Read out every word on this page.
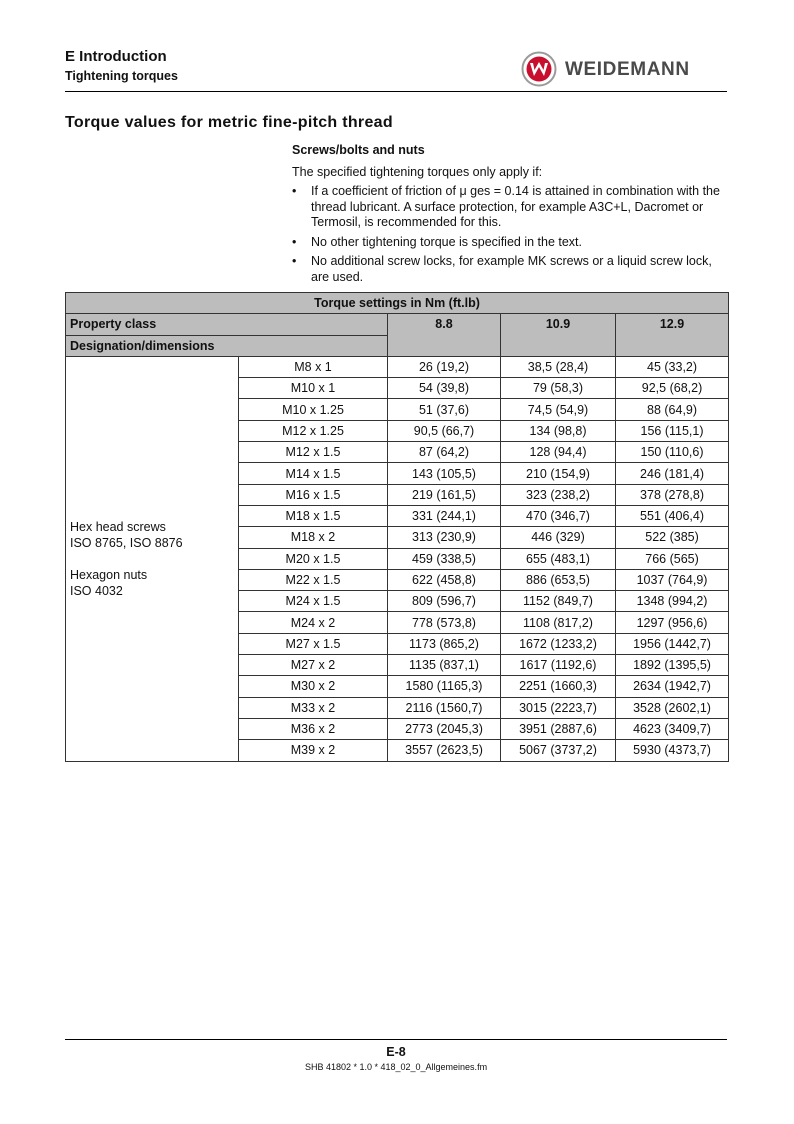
E Introduction
Tightening torques	WEIDEMANN
Torque values for metric fine-pitch thread
Screws/bolts and nuts
The specified tightening torques only apply if:
• If a coefficient of friction of μ ges = 0.14 is attained in combination with the thread lubricant. A surface protection, for example A3C+L, Dacromet or Termosil, is recommended for this.
• No other tightening torque is specified in the text.
• No additional screw locks, for example MK screws or a liquid screw lock, are used.
Torque settings in Nm (ft.lb)				
Property class		8.8	10.9	12.9
Designation/dimensions				

Hex head screws
ISO 8765, ISO 8876

Hexagon nuts
ISO 4032	M8 x 1	26 (19,2)	38,5 (28,4)	45 (33,2)
	M10 x 1	54 (39,8)	79 (58,3)	92,5 (68,2)
	M10 x 1.25	51 (37,6)	74,5 (54,9)	88 (64,9)
	M12 x 1.25	90,5 (66,7)	134 (98,8)	156 (115,1)
	M12 x 1.5	87 (64,2)	128 (94,4)	150 (110,6)
	M14 x 1.5	143 (105,5)	210 (154,9)	246 (181,4)
	M16 x 1.5	219 (161,5)	323 (238,2)	378 (278,8)
	M18 x 1.5	331 (244,1)	470 (346,7)	551 (406,4)
	M18 x 2	313 (230,9)	446 (329)	522 (385)
	M20 x 1.5	459 (338,5)	655 (483,1)	766 (565)
	M22 x 1.5	622 (458,8)	886 (653,5)	1037 (764,9)
	M24 x 1.5	809 (596,7)	1152 (849,7)	1348 (994,2)
	M24 x 2	778 (573,8)	1108 (817,2)	1297 (956,6)
	M27 x 1.5	1173 (865,2)	1672 (1233,2)	1956 (1442,7)
	M27 x 2	1135 (837,1)	1617 (1192,6)	1892 (1395,5)
	M30 x 2	1580 (1165,3)	2251 (1660,3)	2634 (1942,7)
	M33 x 2	2116 (1560,7)	3015 (2223,7)	3528 (2602,1)
	M36 x 2	2773 (2045,3)	3951 (2887,6)	4623 (3409,7)
	M39 x 2	3557 (2623,5)	5067 (3737,2)	5930 (4373,7)
E-8
SHB 41802 * 1.0 * 418_02_0_Allgemeines.fm
